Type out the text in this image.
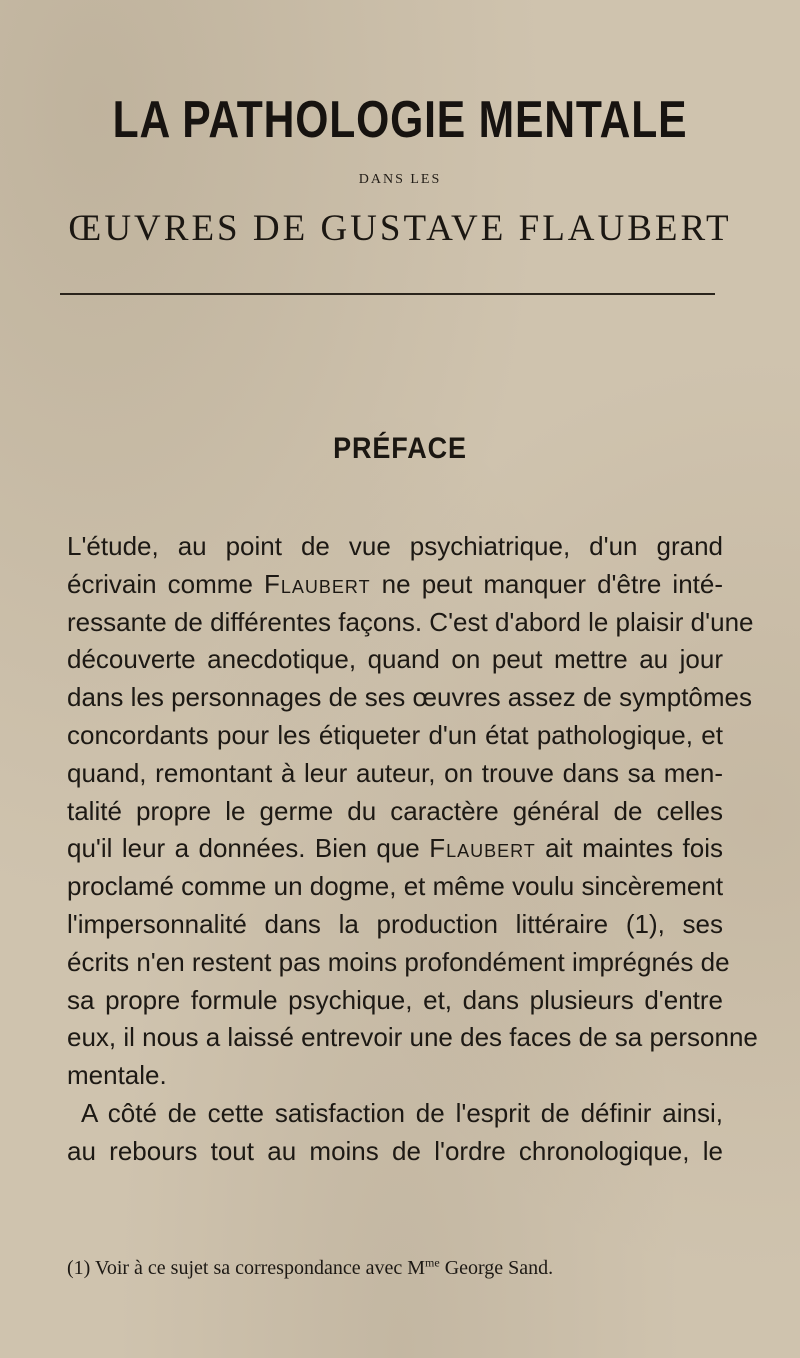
LA PATHOLOGIE MENTALE
DANS LES
ŒUVRES DE GUSTAVE FLAUBERT
PRÉFACE
L'étude, au point de vue psychiatrique, d'un grand
écrivain comme Flaubert ne peut manquer d'être inté-
ressante de différentes façons. C'est d'abord le plaisir d'une
découverte anecdotique, quand on peut mettre au jour
dans les personnages de ses œuvres assez de symptômes
concordants pour les étiqueter d'un état pathologique, et
quand, remontant à leur auteur, on trouve dans sa men-
talité propre le germe du caractère général de celles
qu'il leur a données. Bien que Flaubert ait maintes fois
proclamé comme un dogme, et même voulu sincèrement
l'impersonnalité dans la production littéraire (1), ses
écrits n'en restent pas moins profondément imprégnés de
sa propre formule psychique, et, dans plusieurs d'entre
eux, il nous a laissé entrevoir une des faces de sa personne
mentale.
A côté de cette satisfaction de l'esprit de définir ainsi,
au rebours tout au moins de l'ordre chronologique, le
(1) Voir à ce sujet sa correspondance avec $M^{me}$ George Sand.
